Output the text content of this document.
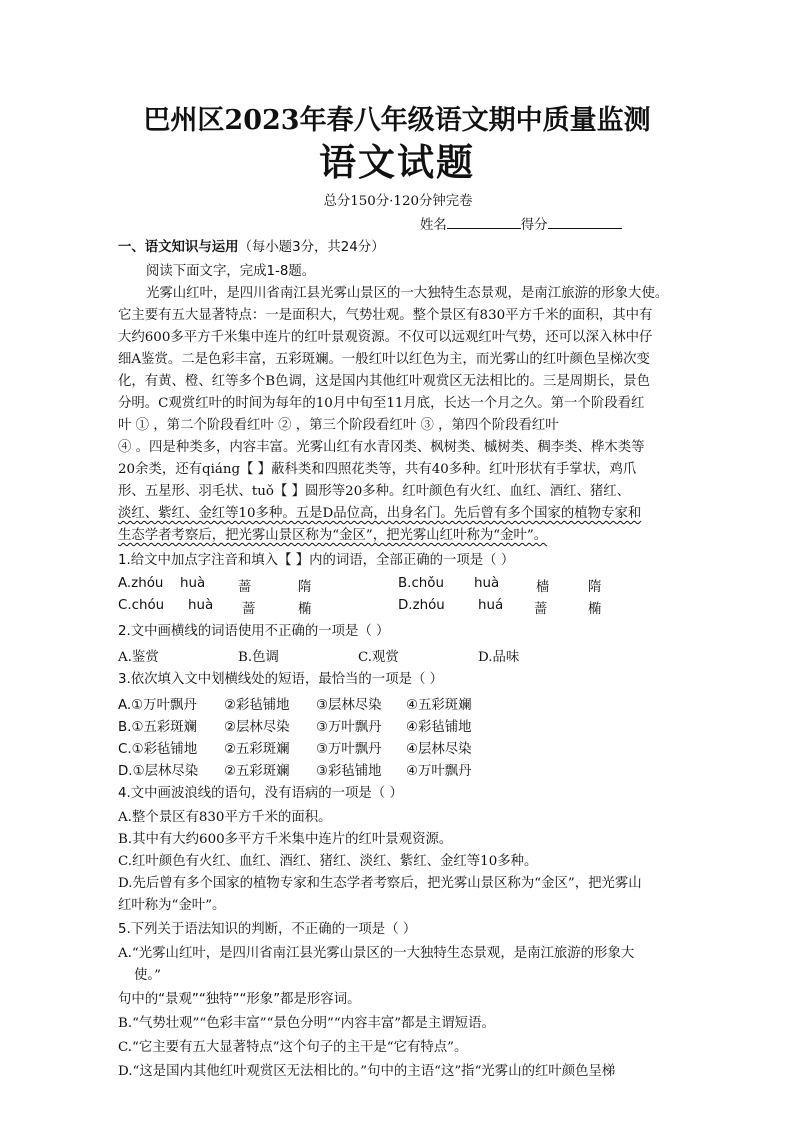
巴州区2023年春八年级语文期中质量监测
语文试题
总分150分·120分钟完卷
姓名	得分
一、语文知识与运用（每小题3分，共24分）
阅读下面文字，完成1-8题。
光雾山红叶，是四川省南江县光雾山景区的一大独特生态景观，是南江旅游的形象大使。
它主要有五大显著特点：一是面积大，气势壮观。整个景区有830平方千米的面积，其中有
大约600多平方千米集中连片的红叶景观资源。不仅可以远观红叶气势，还可以深入林中仔
细A鉴赏。二是色彩丰富，五彩斑斓。一般红叶以红色为主，而光雾山的红叶颜色呈梯次变
化，有黄、橙、红等多个B色调，这是国内其他红叶观赏区无法相比的。三是周期长，景色
分明。C观赏红叶的时间为每年的10月中旬至11月底，长达一个月之久。第一个阶段看红
叶 ① ，第二个阶段看红叶 ② ，第三个阶段看红叶 ③ ，第四个阶段看红叶
④ 。四是种类多，内容丰富。光雾山红有水青冈类、枫树类、槭树类、稠李类、桦木类等
20余类，还有qiáng【 】蔽科类和四照花类等，共有40多种。红叶形状有手掌状，鸡爪
形、五星形、羽毛状、tuǒ【 】圆形等20多种。红叶颜色有火红、血红、酒红、猪红、
淡红、紫红、金红等10多种。五是D品位高，出身名门。先后曾有多个国家的植物专家和
生态学者考察后，把光雾山景区称为“金区”，把光雾山红叶称为“金叶”。
1.给文中加点字注音和填入【 】内的词语，全部正确的一项是（ ）
A.zhóu huà 蔷	隋	B.chǒu huà	樯	隋
C.chóu huà 蔷	椭	D.zhóu huá 蔷	椭
2.文中画横线的词语使用不正确的一项是（ ）
A.鉴赏	B.色调	C.观赏	D.品味
3.依次填入文中划横线处的短语，最恰当的一项是（ ）
A.①万叶飘丹 ②彩毡铺地 ③层林尽染 ④五彩斑斓
B.①五彩斑斓 ②层林尽染 ③万叶飘丹 ④彩毡铺地
C.①彩毡铺地 ②五彩斑斓 ③万叶飘丹 ④层林尽染
D.①层林尽染 ②五彩斑斓 ③彩毡铺地 ④万叶飘丹
4.文中画波浪线的语句，没有语病的一项是（ ）
A.整个景区有830平方千米的面积。
B.其中有大约600多平方千米集中连片的红叶景观资源。
C.红叶颜色有火红、血红、酒红、猪红、淡红、紫红、金红等10多种。
D.先后曾有多个国家的植物专家和生态学者考察后，把光雾山景区称为“金区”，把光雾山
红叶称为“金叶”。
5.下列关于语法知识的判断，不正确的一项是（ ）
A.“光雾山红叶，是四川省南江县光雾山景区的一大独特生态景观，是南江旅游的形象大
使。”
句中的“景观”“独特”“形象”都是形容词。
B.“气势壮观”“色彩丰富”“景色分明”“内容丰富”都是主谓短语。
C.“它主要有五大显著特点”这个句子的主干是“它有特点”。
D.“这是国内其他红叶观赏区无法相比的。”句中的主语“这”指“光雾山的红叶颜色呈梯
